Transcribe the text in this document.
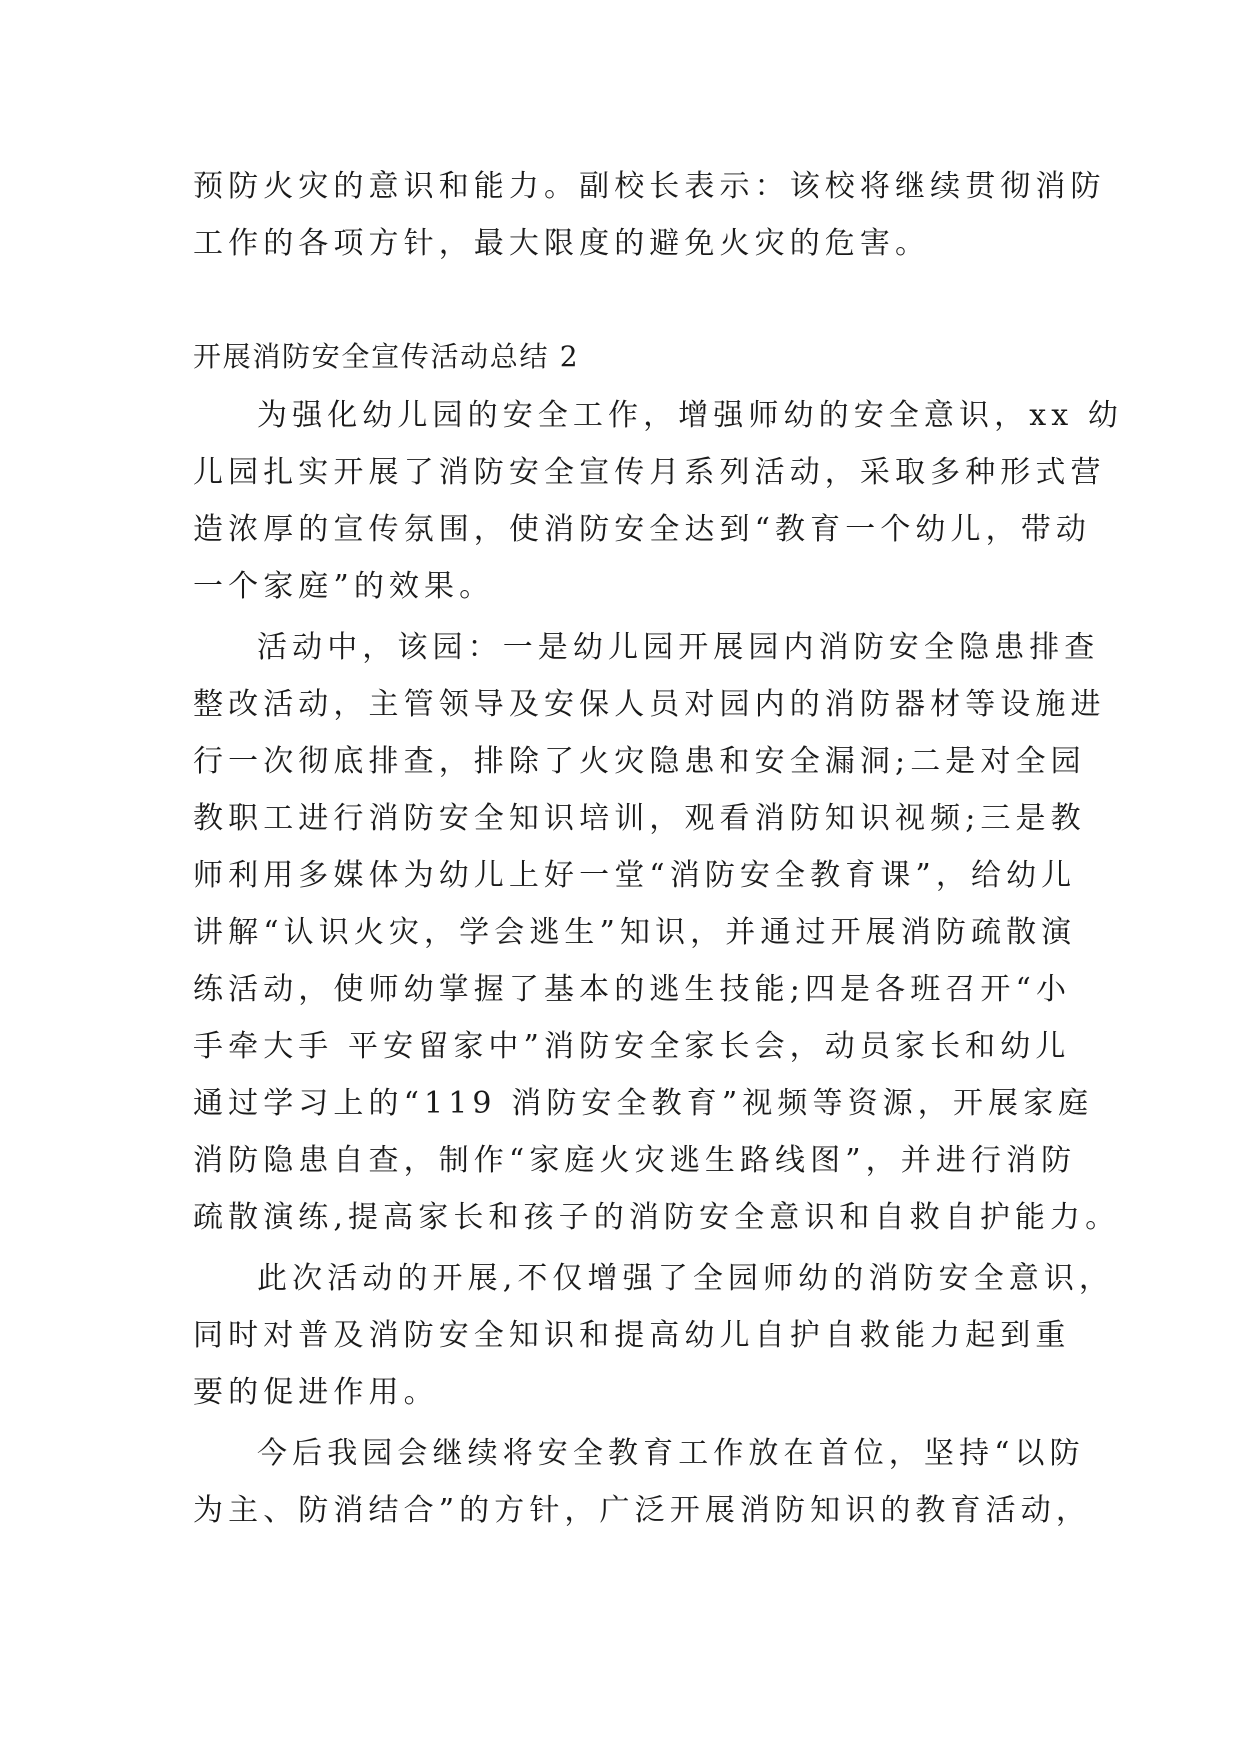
预防火灾的意识和能力。副校长表示：该校将继续贯彻消防
工作的各项方针，最大限度的避免火灾的危害。
开展消防安全宣传活动总结 2
为强化幼儿园的安全工作，增强师幼的安全意识，xx 幼
儿园扎实开展了消防安全宣传月系列活动，采取多种形式营
造浓厚的宣传氛围，使消防安全达到“教育一个幼儿，带动
一个家庭”的效果。
活动中，该园：一是幼儿园开展园内消防安全隐患排查
整改活动，主管领导及安保人员对园内的消防器材等设施进
行一次彻底排查，排除了火灾隐患和安全漏洞;二是对全园
教职工进行消防安全知识培训，观看消防知识视频;三是教
师利用多媒体为幼儿上好一堂“消防安全教育课”，给幼儿
讲解“认识火灾，学会逃生”知识，并通过开展消防疏散演
练活动，使师幼掌握了基本的逃生技能;四是各班召开“小
手牵大手 平安留家中”消防安全家长会，动员家长和幼儿
通过学习上的“119 消防安全教育”视频等资源，开展家庭
消防隐患自查，制作“家庭火灾逃生路线图”，并进行消防
疏散演练,提高家长和孩子的消防安全意识和自救自护能力。
此次活动的开展,不仅增强了全园师幼的消防安全意识，
同时对普及消防安全知识和提高幼儿自护自救能力起到重
要的促进作用。
今后我园会继续将安全教育工作放在首位，坚持“以防
为主、防消结合”的方针，广泛开展消防知识的教育活动，
